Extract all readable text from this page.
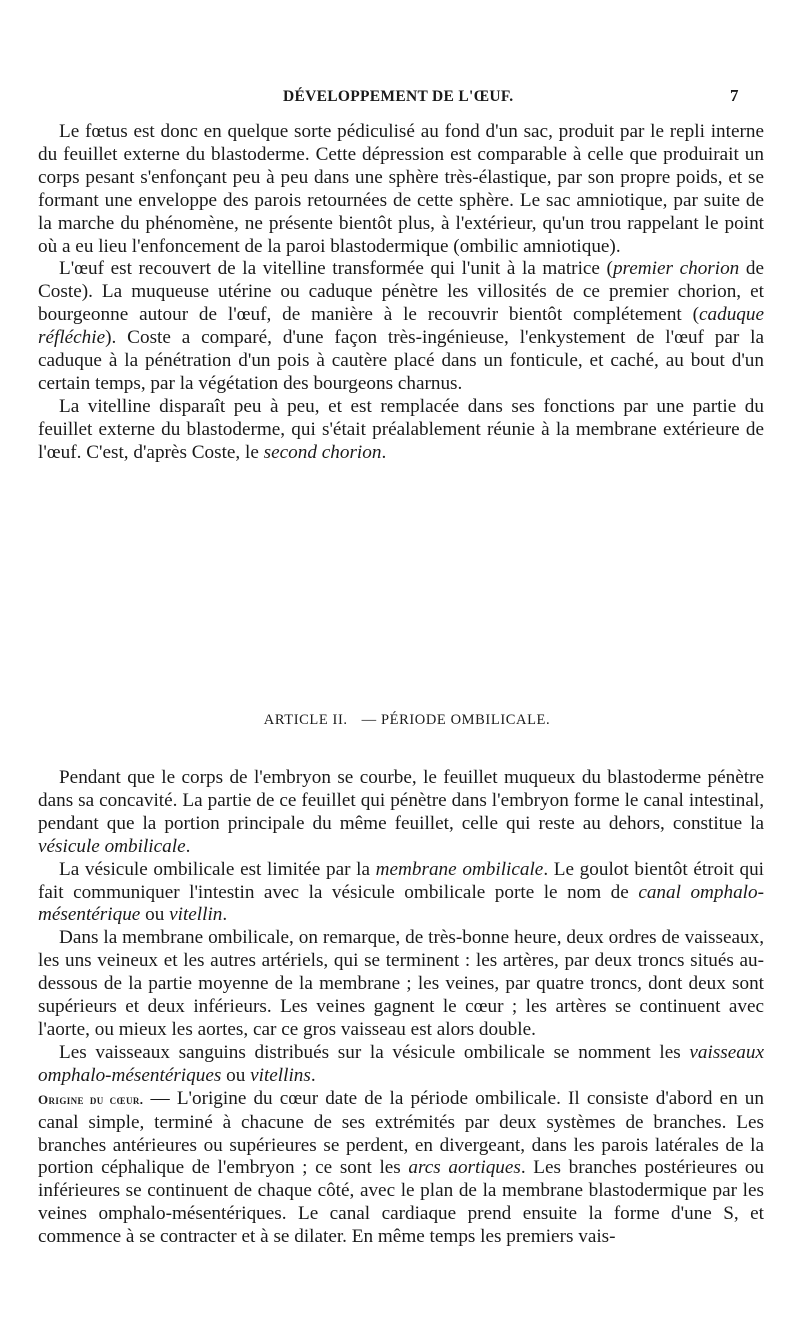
DÉVELOPPEMENT DE L'ŒUF.	7

Le fœtus est donc en quelque sorte pédiculisé au fond d'un sac, produit par le repli interne du feuillet externe du blastoderme. Cette dépression est comparable à celle que produirait un corps pesant s'enfonçant peu à peu dans une sphère très-élastique, par son propre poids, et se formant une enveloppe des parois retournées de cette sphère. Le sac amniotique, par suite de la marche du phénomène, ne présente bientôt plus, à l'extérieur, qu'un trou rappelant le point où a eu lieu l'enfoncement de la paroi blastodermique (ombilic amniotique).

L'œuf est recouvert de la vitelline transformée qui l'unit à la matrice (premier chorion de Coste). La muqueuse utérine ou caduque pénètre les villosités de ce premier chorion, et bourgeonne autour de l'œuf, de manière à le recouvrir bientôt complétement (caduque réfléchie). Coste a comparé, d'une façon très-ingénieuse, l'enkystement de l'œuf par la caduque à la pénétration d'un pois à cautère placé dans un fonticule, et caché, au bout d'un certain temps, par la végétation des bourgeons charnus.

La vitelline disparaît peu à peu, et est remplacée dans ses fonctions par une partie du feuillet externe du blastoderme, qui s'était préalablement réunie à la membrane extérieure de l'œuf. C'est, d'après Coste, le second chorion.

ARTICLE II. — PÉRIODE OMBILICALE.

Pendant que le corps de l'embryon se courbe, le feuillet muqueux du blastoderme pénètre dans sa concavité. La partie de ce feuillet qui pénètre dans l'embryon forme le canal intestinal, pendant que la portion principale du même feuillet, celle qui reste au dehors, constitue la vésicule ombilicale.

La vésicule ombilicale est limitée par la membrane ombilicale. Le goulot bientôt étroit qui fait communiquer l'intestin avec la vésicule ombilicale porte le nom de canal omphalo-mésentérique ou vitellin.

Dans la membrane ombilicale, on remarque, de très-bonne heure, deux ordres de vaisseaux, les uns veineux et les autres artériels, qui se terminent : les artères, par deux troncs situés au-dessous de la partie moyenne de la membrane ; les veines, par quatre troncs, dont deux sont supérieurs et deux inférieurs. Les veines gagnent le cœur ; les artères se continuent avec l'aorte, ou mieux les aortes, car ce gros vaisseau est alors double.

Les vaisseaux sanguins distribués sur la vésicule ombilicale se nomment les vaisseaux omphalo-mésentériques ou vitellins.

Origine du cœur. — L'origine du cœur date de la période ombilicale. Il consiste d'abord en un canal simple, terminé à chacune de ses extrémités par deux systèmes de branches. Les branches antérieures ou supérieures se perdent, en divergeant, dans les parois latérales de la portion céphalique de l'embryon ; ce sont les arcs aortiques. Les branches postérieures ou inférieures se continuent de chaque côté, avec le plan de la membrane blastodermique par les veines omphalo-mésentériques. Le canal cardiaque prend ensuite la forme d'une S, et commence à se contracter et à se dilater. En même temps les premiers vais-
